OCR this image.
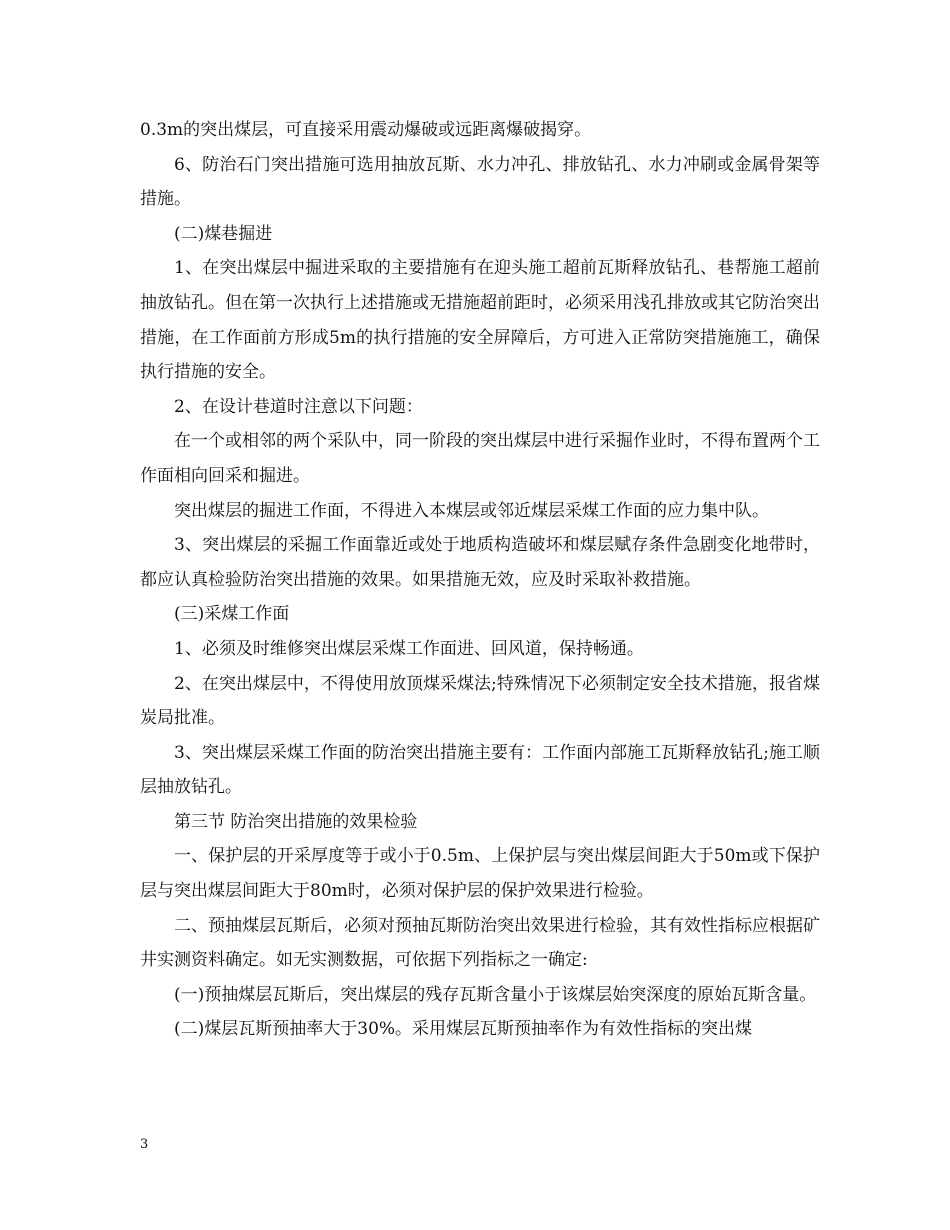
0.3m的突出煤层，可直接采用震动爆破或远距离爆破揭穿。

6、防治石门突出措施可选用抽放瓦斯、水力冲孔、排放钻孔、水力冲刷或金属骨架等措施。

(二)煤巷掘进

1、在突出煤层中掘进采取的主要措施有在迎头施工超前瓦斯释放钻孔、巷帮施工超前抽放钻孔。但在第一次执行上述措施或无措施超前距时，必须采用浅孔排放或其它防治突出措施，在工作面前方形成5m的执行措施的安全屏障后，方可进入正常防突措施施工，确保执行措施的安全。

2、在设计巷道时注意以下问题：

在一个或相邻的两个采队中，同一阶段的突出煤层中进行采掘作业时，不得布置两个工作面相向回采和掘进。

突出煤层的掘进工作面，不得进入本煤层或邻近煤层采煤工作面的应力集中队。

3、突出煤层的采掘工作面靠近或处于地质构造破坏和煤层赋存条件急剧变化地带时，都应认真检验防治突出措施的效果。如果措施无效，应及时采取补救措施。

(三)采煤工作面

1、必须及时维修突出煤层采煤工作面进、回风道，保持畅通。

2、在突出煤层中，不得使用放顶煤采煤法;特殊情况下必须制定安全技术措施，报省煤炭局批准。

3、突出煤层采煤工作面的防治突出措施主要有：工作面内部施工瓦斯释放钻孔;施工顺层抽放钻孔。

第三节 防治突出措施的效果检验

一、保护层的开采厚度等于或小于0.5m、上保护层与突出煤层间距大于50m或下保护层与突出煤层间距大于80m时，必须对保护层的保护效果进行检验。

二、预抽煤层瓦斯后，必须对预抽瓦斯防治突出效果进行检验，其有效性指标应根据矿井实测资料确定。如无实测数据，可依据下列指标之一确定:

(一)预抽煤层瓦斯后，突出煤层的残存瓦斯含量小于该煤层始突深度的原始瓦斯含量。

(二)煤层瓦斯预抽率大于30%。采用煤层瓦斯预抽率作为有效性指标的突出煤

3
